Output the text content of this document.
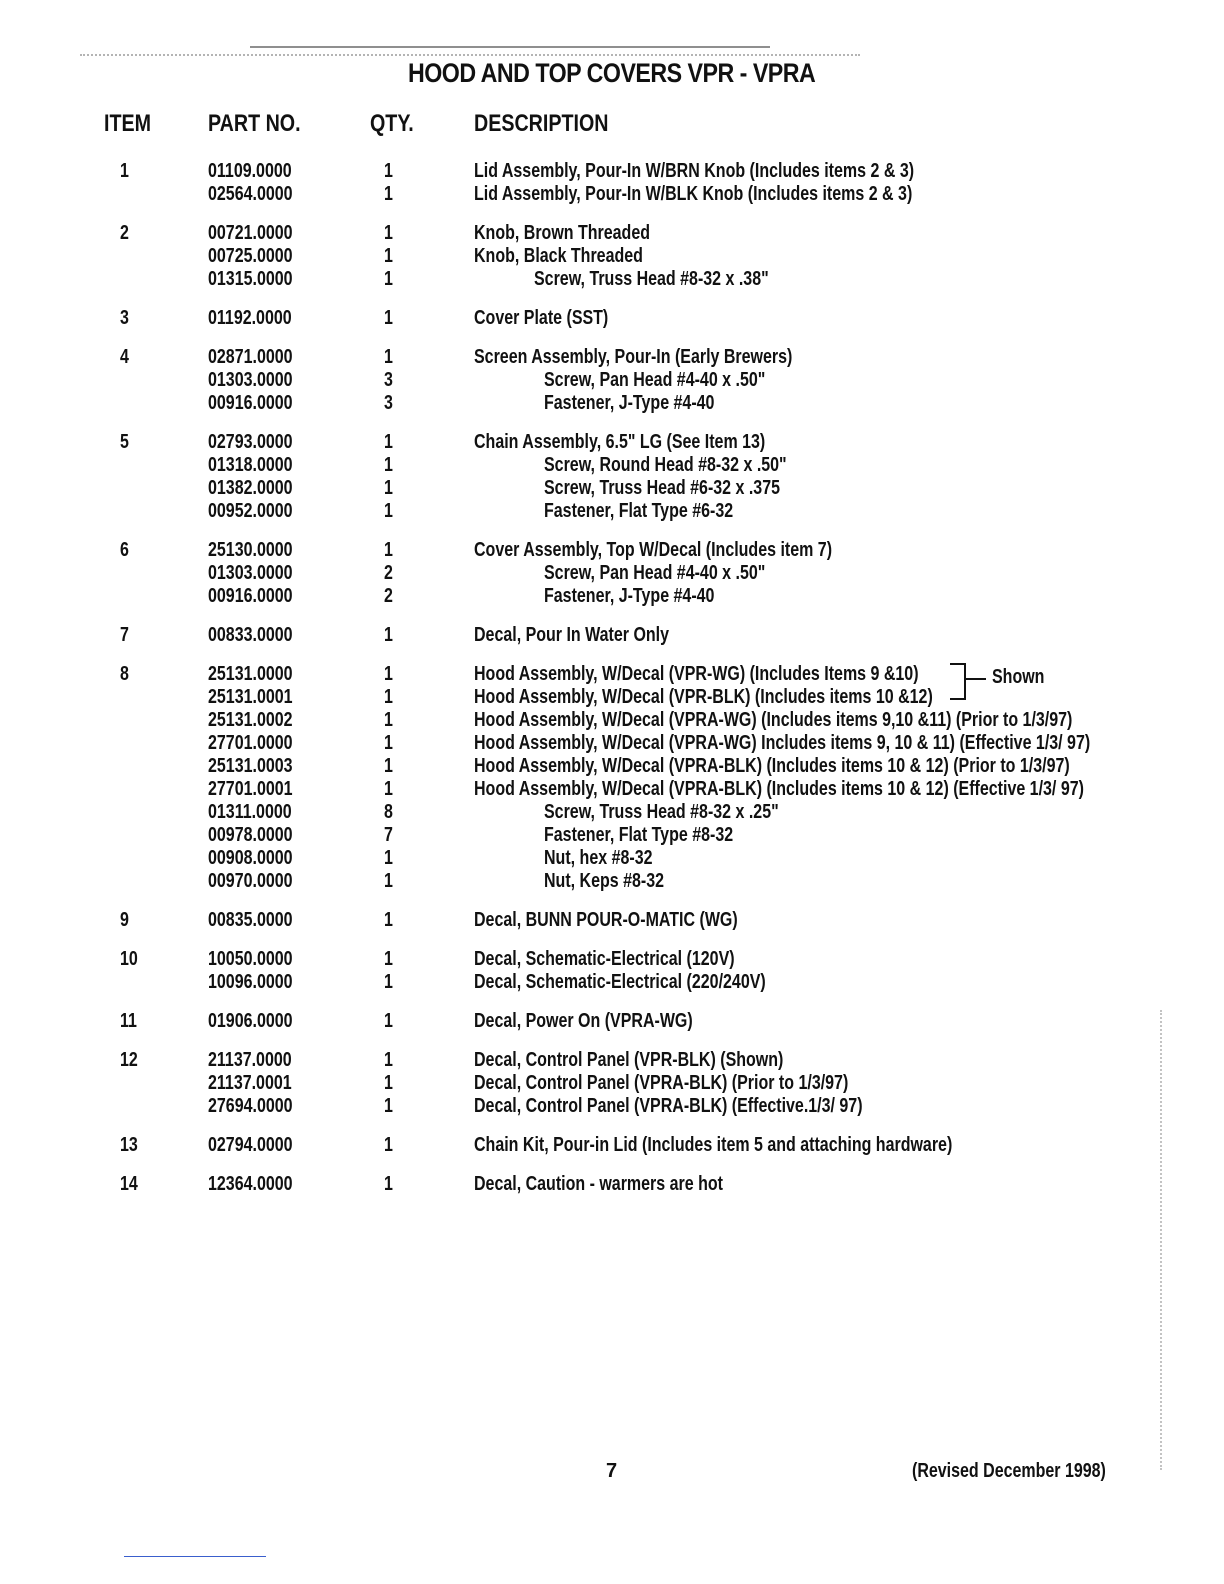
HOOD AND TOP COVERS VPR - VPRA
ITEM PART NO.	QTY.	DESCRIPTION
1	01109.0000	1	Lid Assembly, Pour-In W/BRN Knob (Includes items 2 & 3)
02564.0000	1	Lid Assembly, Pour-In W/BLK Knob (Includes items 2 & 3)
2	00721.0000	1	Knob, Brown Threaded
00725.0000	1	Knob, Black Threaded
01315.0000	1	Screw, Truss Head #8-32 x .38"
3	01192.0000	1	Cover Plate (SST)
4	02871.0000	1	Screen Assembly, Pour-In (Early Brewers)
01303.0000	3	Screw, Pan Head #4-40 x .50"
00916.0000	3	Fastener, J-Type #4-40
5	02793.0000	1	Chain Assembly, 6.5" LG (See Item 13)
01318.0000	1	Screw, Round Head #8-32 x .50"
01382.0000	1	Screw, Truss Head #6-32 x .375
00952.0000	1	Fastener, Flat Type #6-32
6	25130.0000	1	Cover Assembly, Top W/Decal (Includes item 7)
01303.0000	2	Screw, Pan Head #4-40 x .50"
00916.0000	2	Fastener, J-Type #4-40
7	00833.0000	1	Decal, Pour In Water Only
8	25131.0000	1	Hood Assembly, W/Decal (VPR-WG) (Includes Items 9 &10)
25131.0001	1	Hood Assembly, W/Decal (VPR-BLK) (Includes items 10 &12)
25131.0002	1	Hood Assembly, W/Decal (VPRA-WG) (Includes items 9,10 &11) (Prior to 1/3/97)
27701.0000	1	Hood Assembly, W/Decal (VPRA-WG) Includes items 9, 10 & 11) (Effective 1/3/ 97)
25131.0003	1	Hood Assembly, W/Decal (VPRA-BLK) (Includes items 10 & 12) (Prior to 1/3/97)
27701.0001	1	Hood Assembly, W/Decal (VPRA-BLK) (Includes items 10 & 12) (Effective 1/3/ 97)
01311.0000	8	Screw, Truss Head #8-32 x .25"
00978.0000	7	Fastener, Flat Type #8-32
00908.0000	1	Nut, hex #8-32
00970.0000	1	Nut, Keps #8-32
Shown
9	00835.0000	1	Decal, BUNN POUR-O-MATIC (WG)
10	10050.0000	1	Decal, Schematic-Electrical (120V)
10096.0000	1	Decal, Schematic-Electrical (220/240V)
11	01906.0000	1	Decal, Power On (VPRA-WG)
12	21137.0000	1	Decal, Control Panel (VPR-BLK) (Shown)
21137.0001	1	Decal, Control Panel (VPRA-BLK) (Prior to 1/3/97)
27694.0000	1	Decal, Control Panel (VPRA-BLK) (Effective.1/3/ 97)
13	02794.0000	1	Chain Kit, Pour-in Lid (Includes item 5 and attaching hardware)
14	12364.0000	1	Decal, Caution - warmers are hot
7	(Revised December 1998)
